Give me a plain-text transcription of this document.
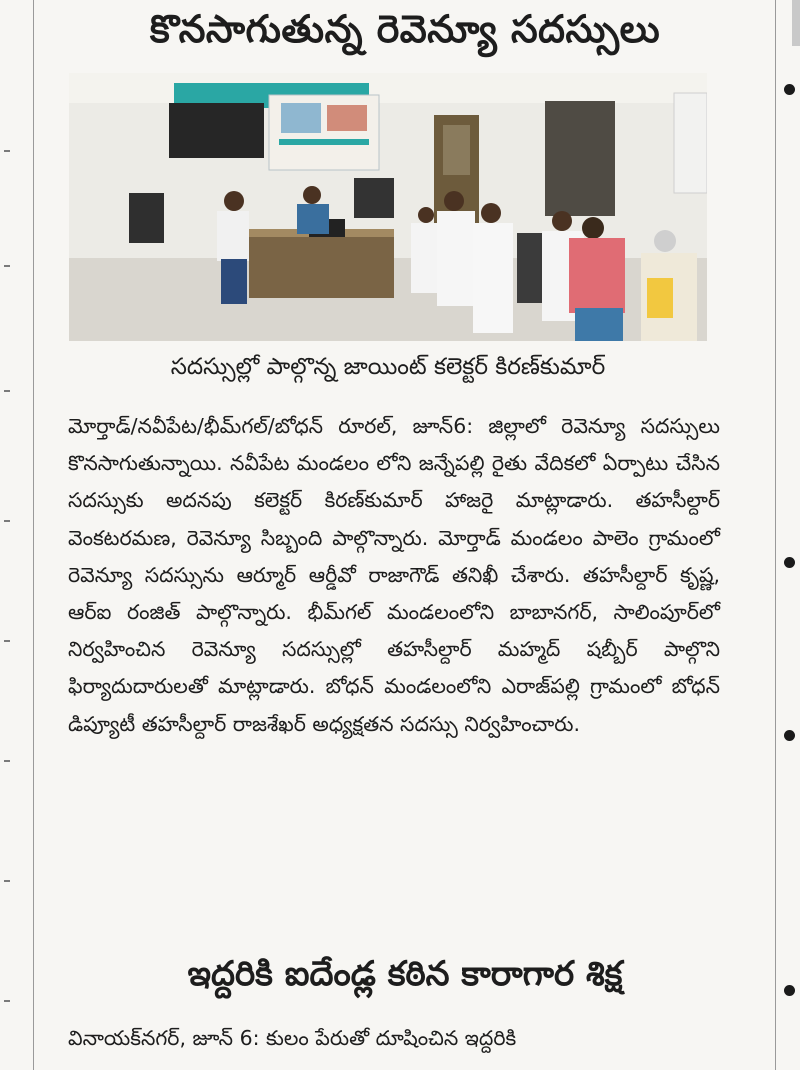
కొనసాగుతున్న రెవెన్యూ సదస్సులు
సదస్సుల్లో పాల్గొన్న జాయింట్ కలెక్టర్ కిరణ్‌కుమార్

మోర్తాడ్/నవీపేట/భీమ్‌గల్/బోధన్ రూరల్, జూన్6: జిల్లాలో రెవెన్యూ సదస్సులు కొనసాగుతున్నాయి. నవీపేట మండలం లోని జన్నేపల్లి రైతు వేదికలో ఏర్పాటు చేసిన సదస్సుకు అదనపు కలెక్టర్ కిరణ్‌కుమార్ హాజరై మాట్లాడారు. తహసీల్దార్ వెంకటరమణ, రెవెన్యూ సిబ్బంది పాల్గొన్నారు. మోర్తాడ్ మండలం పాలెం గ్రామంలో రెవెన్యూ సదస్సును ఆర్మూర్ ఆర్డీవో రాజాగౌడ్ తనిఖీ చేశారు. తహసీల్దార్ కృష్ణ, ఆర్ఐ రంజిత్ పాల్గొన్నారు. భీమ్‌గల్ మండలంలోని బాబానగర్, సాలింపూర్‌లో నిర్వహించిన రెవెన్యూ సదస్సుల్లో తహసీల్దార్ మహ్మద్ షబ్బీర్ పాల్గొని ఫిర్యాదుదారులతో మాట్లాడారు. బోధన్ మండలంలోని ఎరాజ్‌పల్లి గ్రామంలో బోధన్ డిప్యూటీ తహసీల్దార్ రాజశేఖర్ అధ్యక్షతన సదస్సు నిర్వహించారు.

ఇద్దరికి ఐదేండ్ల కఠిన కారాగార శిక్ష
వినాయక్‌నగర్, జూన్ 6: కులం పేరుతో దూషించిన ఇద్దరికి
